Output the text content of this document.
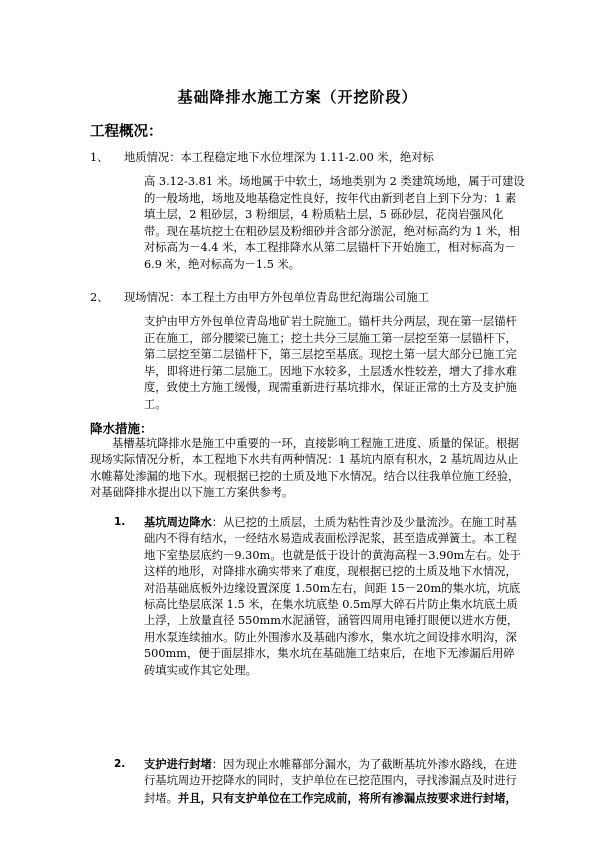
基础降排水施工方案（开挖阶段）
工程概况：
1、 地质情况：本工程稳定地下水位埋深为 1.11-2.00 米，绝对标
高 3.12-3.81 米。场地属于中软土，场地类别为 2 类建筑场地，属于可建设的一般场地，场地及地基稳定性良好，按年代由新到老自上到下分为：1 素填土层，2 粗砂层，3 粉细层，4 粉质粘土层，5 砾砂层，花岗岩强风化带。现在基坑挖土在粗砂层及粉细砂并含部分淤泥，绝对标高约为 1 米，相对标高为－4.4 米，本工程排降水从第二层锚杆下开始施工，相对标高为－6.9 米，绝对标高为－1.5 米。
2、 现场情况：本工程土方由甲方外包单位青岛世纪海瑞公司施工
支护由甲方外包单位青岛地矿岩土院施工。锚杆共分两层，现在第一层锚杆正在施工，部分腰梁已施工；挖土共分三层施工第一层挖至第一层锚杆下，第二层挖至第二层锚杆下，第三层挖至基底。现挖土第一层大部分已施工完毕，即将进行第二层施工。因地下水较多，土层透水性较差，增大了排水难度，致使土方施工缓慢，现需重新进行基坑排水，保证正常的土方及支护施工。
降水措施：
基槽基坑降排水是施工中重要的一环，直接影响工程施工进度、质量的保证。根据现场实际情况分析，本工程地下水共有两种情况：1 基坑内原有积水，2 基坑周边从止水帷幕处渗漏的地下水。现根据已挖的土质及地下水情况。结合以往我单位施工经验，对基础降排水提出以下施工方案供参考。
1. 基坑周边降水：从已挖的土质层，土质为粘性青沙及少量流沙。在施工时基础内不得有结水，一经结水易造成表面松浮泥浆，甚至造成弹簧土。本工程地下室垫层底约－9.30m。也就是低于设计的黄海高程－3.90m左右。处于这样的地形，对降排水确实带来了难度，现根据已挖的土质及地下水情况，对沿基础底板外边缘设置深度 1.50m左右，间距 15－20m的集水坑，坑底标高比垫层底深 1.5 米，在集水坑底垫 0.5m厚大碎石片防止集水坑底土质上浮，上放量直径 550mm水泥涵管，涵管四周用电锤打眼便以进水方便，用水泵连续抽水。防止外围渗水及基础内渗水，集水坑之间设排水明沟，深 500mm，便于面层排水，集水坑在基础施工结束后，在地下无渗漏后用碎砖填实或作其它处理。
2. 支护进行封堵：因为现止水帷幕部分漏水，为了截断基坑外渗水路线，在进行基坑周边开挖降水的同时，支护单位在已挖范围内，寻找渗漏点及时进行封堵。并且，只有支护单位在工作完成前，将所有渗漏点按要求进行封堵，
